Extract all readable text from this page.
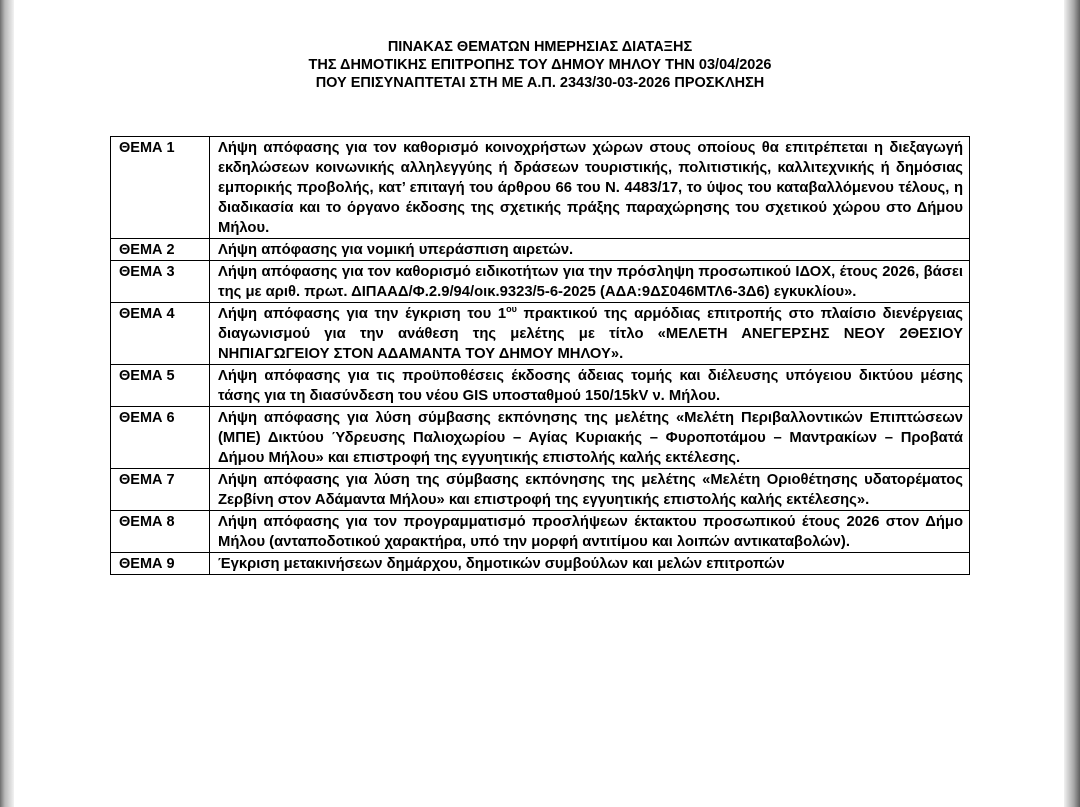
ΠΙΝΑΚΑΣ ΘΕΜΑΤΩΝ ΗΜΕΡΗΣΙΑΣ ΔΙΑΤΑΞΗΣ
ΤΗΣ ΔΗΜΟΤΙΚΗΣ ΕΠΙΤΡΟΠΗΣ ΤΟΥ ΔΗΜΟΥ ΜΗΛΟΥ ΤΗΝ 03/04/2026
ΠΟΥ ΕΠΙΣΥΝΑΠΤΕΤΑΙ ΣΤΗ ΜΕ Α.Π. 2343/30-03-2026 ΠΡΟΣΚΛΗΣΗ
ΘΕΜΑ 1	Λήψη απόφασης για τον καθορισμό κοινοχρήστων χώρων στους οποίους θα επιτρέπεται η διεξαγωγή εκδηλώσεων κοινωνικής αλληλεγγύης ή δράσεων τουριστικής, πολιτιστικής, καλλιτεχνικής ή δημόσιας εμπορικής προβολής, κατ’ επιταγή του άρθρου 66 του Ν. 4483/17, το ύψος του καταβαλλόμενου τέλους, η διαδικασία και το όργανο έκδοσης της σχετικής πράξης παραχώρησης του σχετικού χώρου στο Δήμου Μήλου.
ΘΕΜΑ 2	Λήψη απόφασης για νομική υπεράσπιση αιρετών.
ΘΕΜΑ 3	Λήψη απόφασης για τον καθορισμό ειδικοτήτων για την πρόσληψη προσωπικού ΙΔΟΧ, έτους 2026, βάσει της με αριθ. πρωτ. ΔΙΠΑΑΔ/Φ.2.9/94/οικ.9323/5-6-2025 (ΑΔΑ:9ΔΣ046ΜΤΛ6-3Δ6) εγκυκλίου».
ΘΕΜΑ 4	Λήψη απόφασης για την έγκριση του $1^{o\upsilon}$ πρακτικού της αρμόδιας επιτροπής στο πλαίσιο διενέργειας διαγωνισμού για την ανάθεση της μελέτης με τίτλο «ΜΕΛΕΤΗ ΑΝΕΓΕΡΣΗΣ ΝΕΟΥ 2ΘΕΣΙΟΥ ΝΗΠΙΑΓΩΓΕΙΟΥ ΣΤΟΝ ΑΔΑΜΑΝΤΑ ΤΟΥ ΔΗΜΟΥ ΜΗΛΟΥ».
ΘΕΜΑ 5	Λήψη απόφασης για τις προϋποθέσεις έκδοσης άδειας τομής και διέλευσης υπόγειου δικτύου μέσης τάσης για τη διασύνδεση του νέου GIS υποσταθμού 150/15kV ν. Μήλου.
ΘΕΜΑ 6	Λήψη απόφασης για λύση σύμβασης εκπόνησης της μελέτης «Μελέτη Περιβαλλοντικών Επιπτώσεων (ΜΠΕ) Δικτύου Ύδρευσης Παλιοχωρίου – Αγίας Κυριακής – Φυροποτάμου – Μαντρακίων – Προβατά Δήμου Μήλου» και επιστροφή της εγγυητικής επιστολής καλής εκτέλεσης.
ΘΕΜΑ 7	Λήψη απόφασης για λύση της σύμβασης εκπόνησης της μελέτης «Μελέτη Οριοθέτησης υδατορέματος Ζερβίνη στον Αδάμαντα Μήλου» και επιστροφή της εγγυητικής επιστολής καλής εκτέλεσης».
ΘΕΜΑ 8	Λήψη απόφασης για τον προγραμματισμό προσλήψεων έκτακτου προσωπικού έτους 2026 στον Δήμο Μήλου (ανταποδοτικού χαρακτήρα, υπό την μορφή αντιτίμου και λοιπών αντικαταβολών).
ΘΕΜΑ 9	Έγκριση μετακινήσεων δημάρχου, δημοτικών συμβούλων και μελών επιτροπών
